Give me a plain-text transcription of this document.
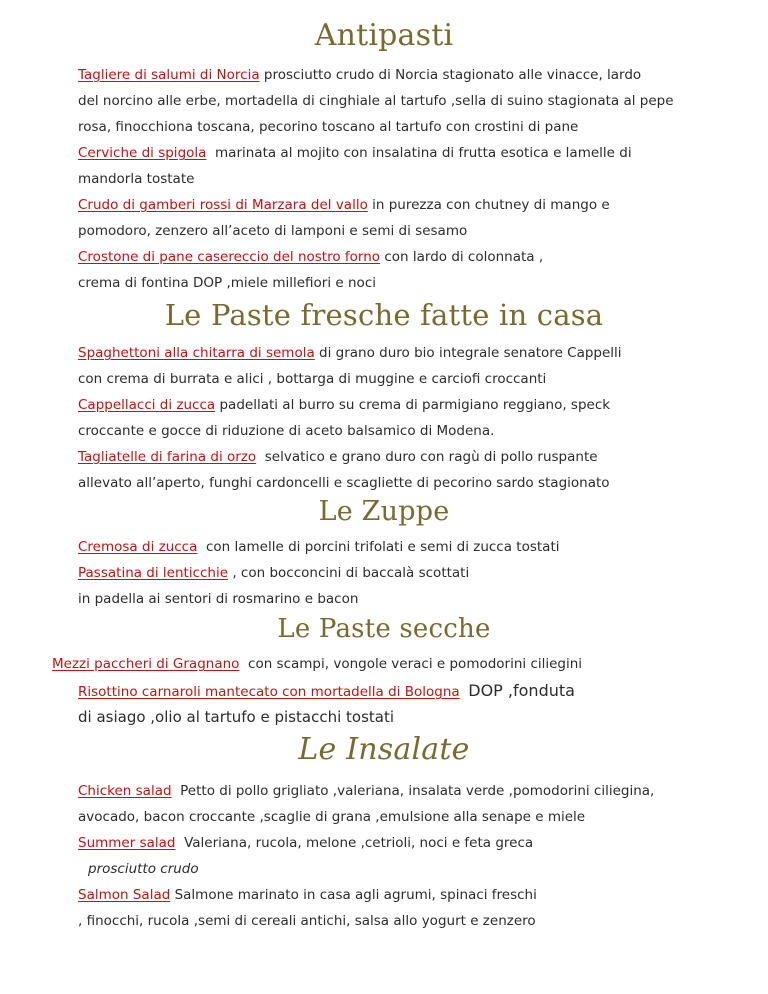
Antipasti
Tagliere di salumi di Norcia prosciutto crudo di Norcia stagionato alle vinacce, lardo
del norcino alle erbe, mortadella di cinghiale al tartufo ,sella di suino stagionata al pepe
rosa, finocchiona toscana, pecorino toscano al tartufo con crostini di pane
Cerviche di spigola marinata al mojito con insalatina di frutta esotica e lamelle di
mandorla tostate
Crudo di gamberi rossi di Marzara del vallo in purezza con chutney di mango e
pomodoro, zenzero all’aceto di lamponi e semi di sesamo
Crostone di pane casereccio del nostro forno con lardo di colonnata ,
crema di fontina DOP ,miele millefiori e noci
Le Paste fresche fatte in casa
Spaghettoni alla chitarra di semola di grano duro bio integrale senatore Cappelli
con crema di burrata e alici , bottarga di muggine e carciofi croccanti
Cappellacci di zucca padellati al burro su crema di parmigiano reggiano, speck
croccante e gocce di riduzione di aceto balsamico di Modena.
Tagliatelle di farina di orzo selvatico e grano duro con ragù di pollo ruspante
allevato all’aperto, funghi cardoncelli e scagliette di pecorino sardo stagionato
Le Zuppe
Cremosa di zucca con lamelle di porcini trifolati e semi di zucca tostati
Passatina di lenticchie , con bocconcini di baccalà scottati
in padella ai sentori di rosmarino e bacon
Le Paste secche
Mezzi paccheri di Gragnano con scampi, vongole veraci e pomodorini ciliegini
Risottino carnaroli mantecato con mortadella di Bologna DOP ,fonduta
di asiago ,olio al tartufo e pistacchi tostati
Le Insalate
Chicken salad Petto di pollo grigliato ,valeriana, insalata verde ,pomodorini ciliegina,
avocado, bacon croccante ,scaglie di grana ,emulsione alla senape e miele
Summer salad Valeriana, rucola, melone ,cetrioli, noci e feta greca
prosciutto crudo
Salmon Salad Salmone marinato in casa agli agrumi, spinaci freschi
, finocchi, rucola ,semi di cereali antichi, salsa allo yogurt e zenzero
